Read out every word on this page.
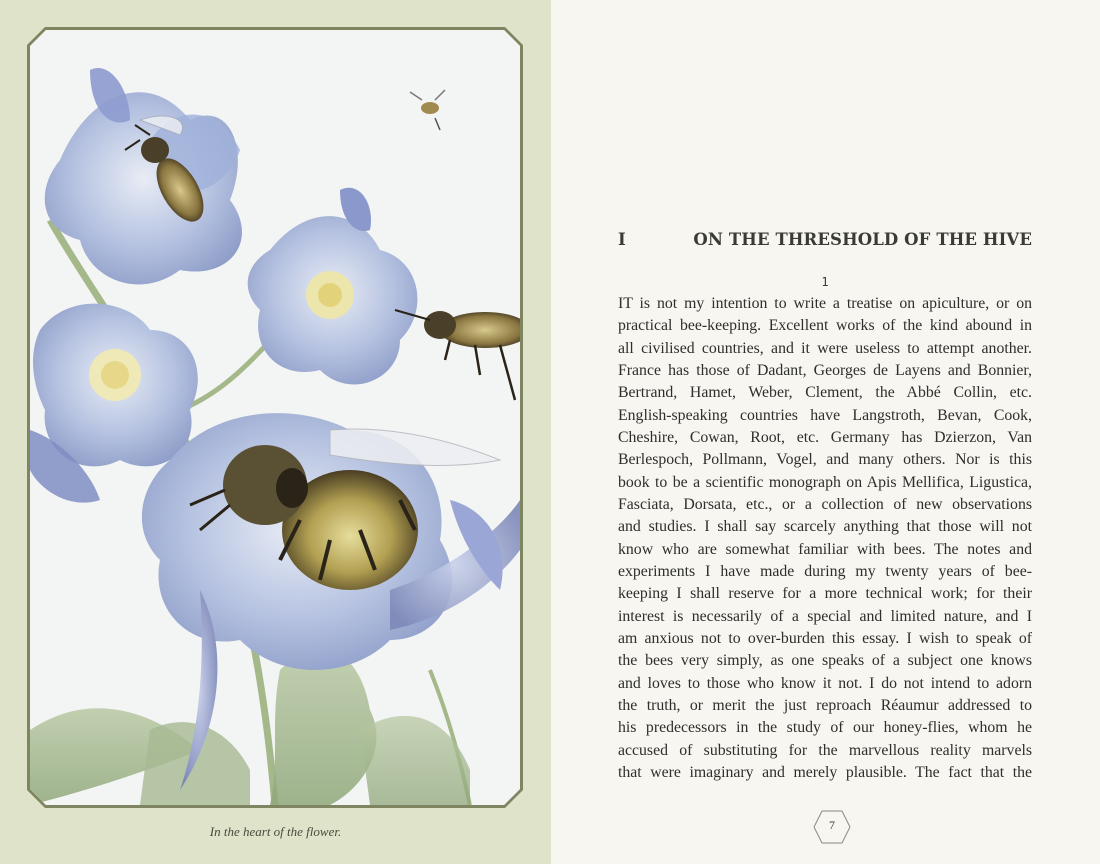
In the heart of the flower.

I	ON THE THRESHOLD OF THE HIVE
1

IT is not my intention to write a treatise on apiculture, or on
practical bee-keeping. Excellent works of the kind abound in
all civilised countries, and it were useless to attempt another.
France has those of Dadant, Georges de Layens and Bonnier,
Bertrand, Hamet, Weber, Clement, the Abbé Collin, etc.
English-speaking countries have Langstroth, Bevan, Cook,
Cheshire, Cowan, Root, etc. Germany has Dzierzon, Van
Berlespoch, Pollmann, Vogel, and many others. Nor is this
book to be a scientific monograph on Apis Mellifica, Ligustica,
Fasciata, Dorsata, etc., or a collection of new observations
and studies. I shall say scarcely anything that those will not
know who are somewhat familiar with bees. The notes and
experiments I have made during my twenty years of bee-
keeping I shall reserve for a more technical work; for their
interest is necessarily of a special and limited nature, and I
am anxious not to over-burden this essay. I wish to speak of
the bees very simply, as one speaks of a subject one knows
and loves to those who know it not. I do not intend to adorn
the truth, or merit the just reproach Réaumur addressed to
his predecessors in the study of our honey-flies, whom he
accused of substituting for the marvellous reality marvels
that were imaginary and merely plausible. The fact that the

7
